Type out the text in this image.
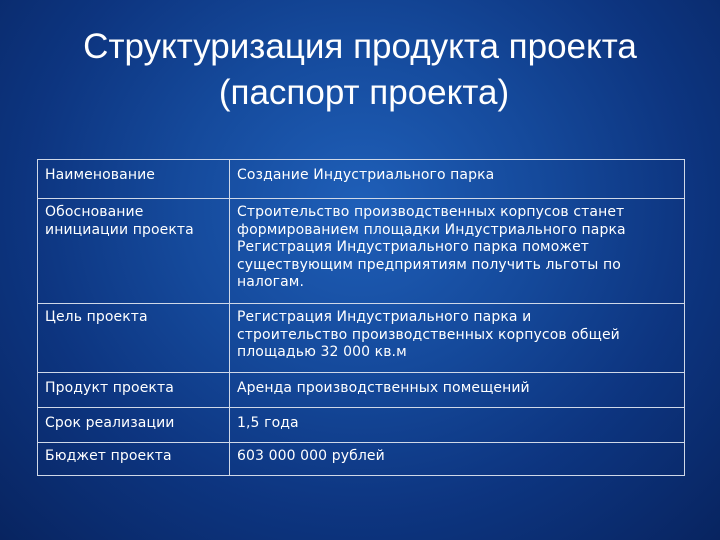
Структуризация продукта проекта
(паспорт проекта)
Наименование	Создание Индустриального парка

Обоснование
инициации проекта	Строительство производственных корпусов станет
формированием площадки Индустриального парка
Регистрация Индустриального парка поможет
существующим предприятиям получить льготы по
налогам.

Цель проекта	Регистрация Индустриального парка и
строительство производственных корпусов общей
площадью 32 000 кв.м

Продукт проекта	Аренда производственных помещений

Срок реализации	1,5 года

Бюджет проекта	603 000 000 рублей
